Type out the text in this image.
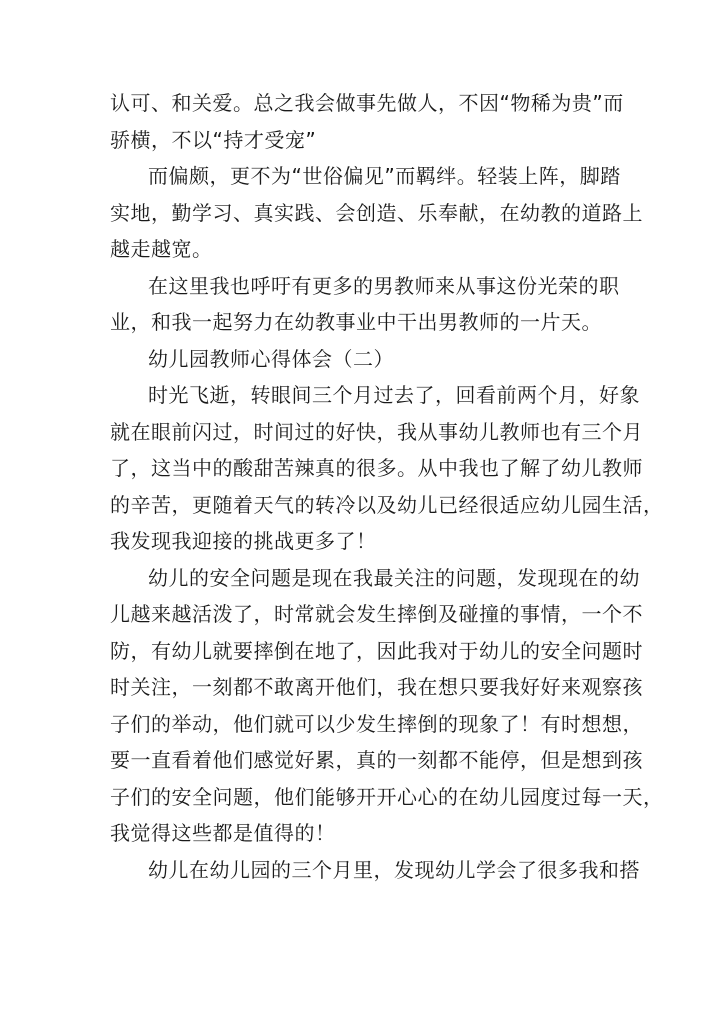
认可、和关爱。总之我会做事先做人，不因“物稀为贵”而
骄横，不以“持才受宠”
而偏颇，更不为“世俗偏见”而羁绊。轻装上阵，脚踏
实地，勤学习、真实践、会创造、乐奉献，在幼教的道路上
越走越宽。
在这里我也呼吁有更多的男教师来从事这份光荣的职
业，和我一起努力在幼教事业中干出男教师的一片天。
幼儿园教师心得体会（二）
时光飞逝，转眼间三个月过去了，回看前两个月，好象
就在眼前闪过，时间过的好快，我从事幼儿教师也有三个月
了，这当中的酸甜苦辣真的很多。从中我也了解了幼儿教师
的辛苦，更随着天气的转冷以及幼儿已经很适应幼儿园生活，
我发现我迎接的挑战更多了！
幼儿的安全问题是现在我最关注的问题，发现现在的幼
儿越来越活泼了，时常就会发生摔倒及碰撞的事情，一个不
防，有幼儿就要摔倒在地了，因此我对于幼儿的安全问题时
时关注，一刻都不敢离开他们，我在想只要我好好来观察孩
子们的举动，他们就可以少发生摔倒的现象了！有时想想，
要一直看着他们感觉好累，真的一刻都不能停，但是想到孩
子们的安全问题，他们能够开开心心的在幼儿园度过每一天，
我觉得这些都是值得的！
幼儿在幼儿园的三个月里，发现幼儿学会了很多我和搭
